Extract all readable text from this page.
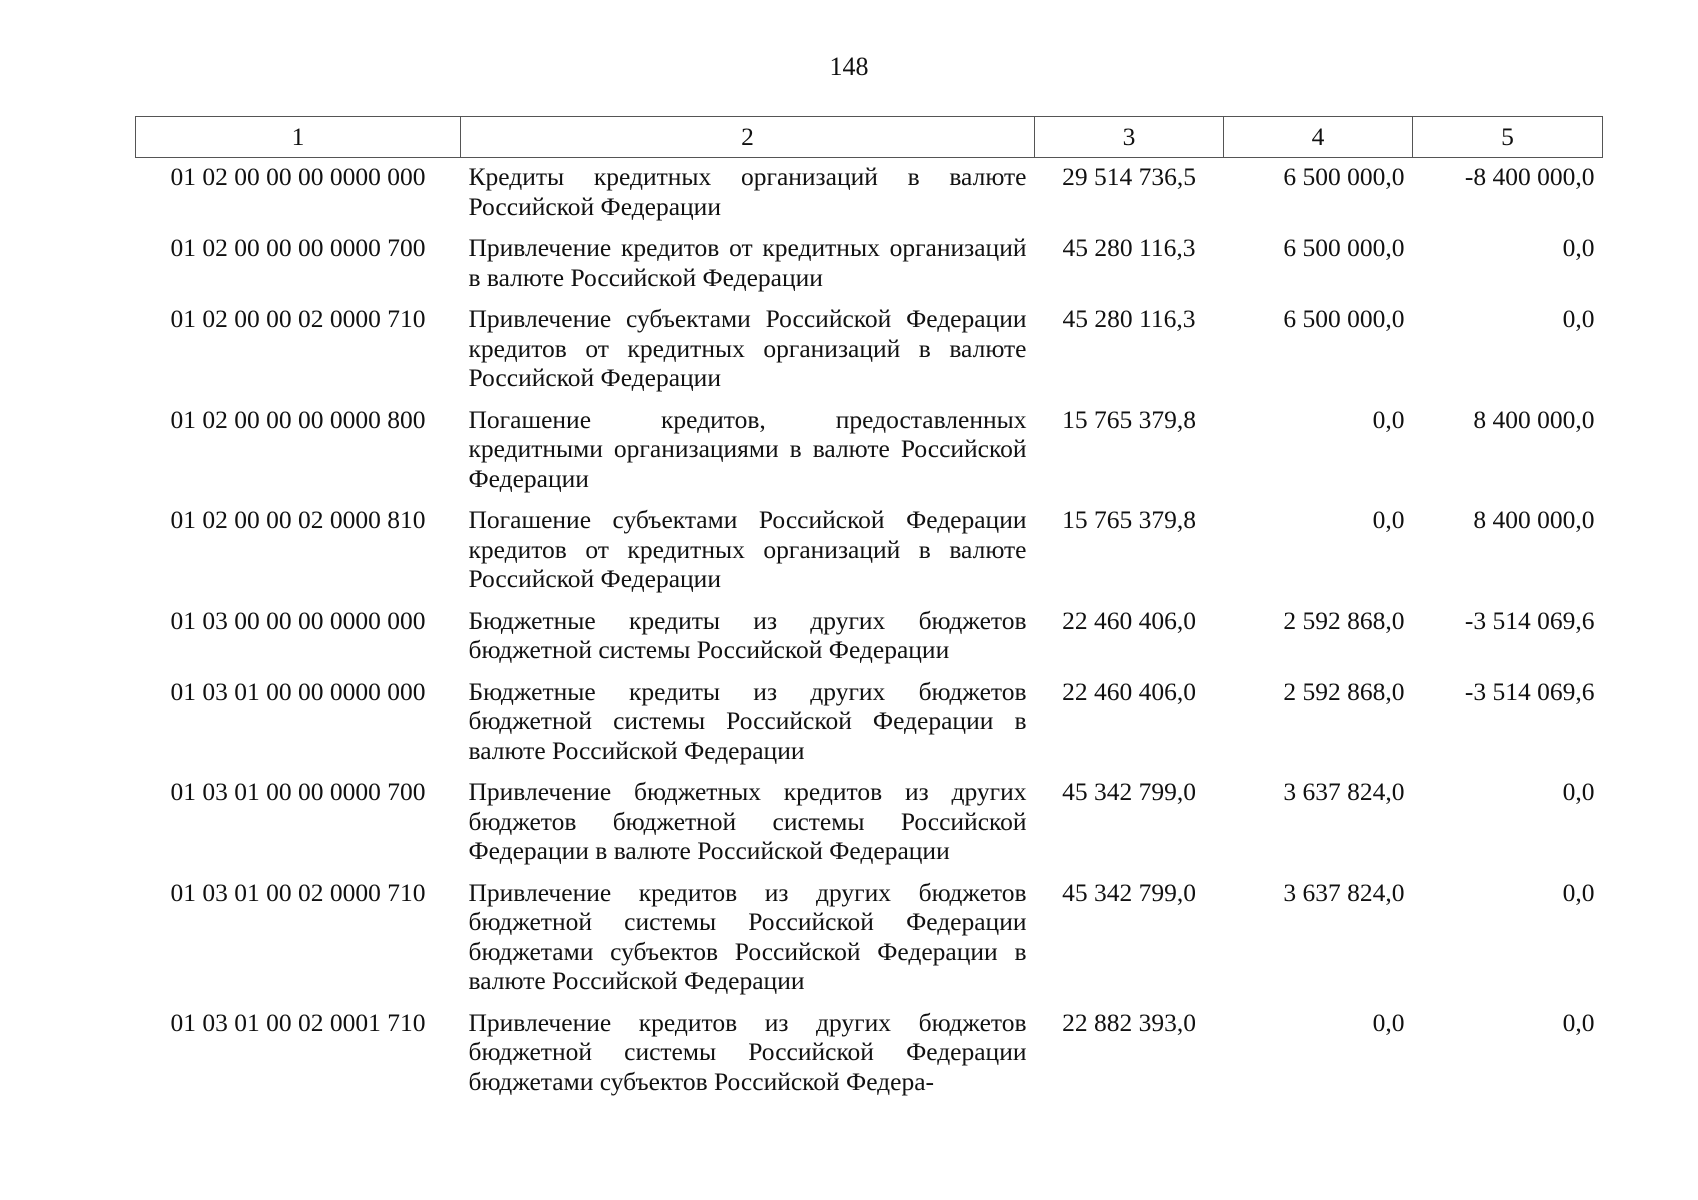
148
1	2	3	4	5
01 02 00 00 00 0000 000	Кредиты кредитных организаций в валюте Российской Федерации	29 514 736,5	6 500 000,0	-8 400 000,0
01 02 00 00 00 0000 700	Привлечение кредитов от кредитных организаций в валюте Российской Федерации	45 280 116,3	6 500 000,0	0,0
01 02 00 00 02 0000 710	Привлечение субъектами Российской Федерации кредитов от кредитных организаций в валюте Российской Федерации	45 280 116,3	6 500 000,0	0,0
01 02 00 00 00 0000 800	Погашение кредитов, предоставленных кредитными организациями в валюте Российской Федерации	15 765 379,8	0,0	8 400 000,0
01 02 00 00 02 0000 810	Погашение субъектами Российской Федерации кредитов от кредитных организаций в валюте Российской Федерации	15 765 379,8	0,0	8 400 000,0
01 03 00 00 00 0000 000	Бюджетные кредиты из других бюджетов бюджетной системы Российской Федерации	22 460 406,0	2 592 868,0	-3 514 069,6
01 03 01 00 00 0000 000	Бюджетные кредиты из других бюджетов бюджетной системы Российской Федерации в валюте Российской Федерации	22 460 406,0	2 592 868,0	-3 514 069,6
01 03 01 00 00 0000 700	Привлечение бюджетных кредитов из других бюджетов бюджетной системы Российской Федерации в валюте Российской Федерации	45 342 799,0	3 637 824,0	0,0
01 03 01 00 02 0000 710	Привлечение кредитов из других бюджетов бюджетной системы Российской Федерации бюджетами субъектов Российской Федерации в валюте Российской Федерации	45 342 799,0	3 637 824,0	0,0
01 03 01 00 02 0001 710	Привлечение кредитов из других бюджетов бюджетной системы Российской Федерации бюджетами субъектов Российской Федера-	22 882 393,0	0,0	0,0
